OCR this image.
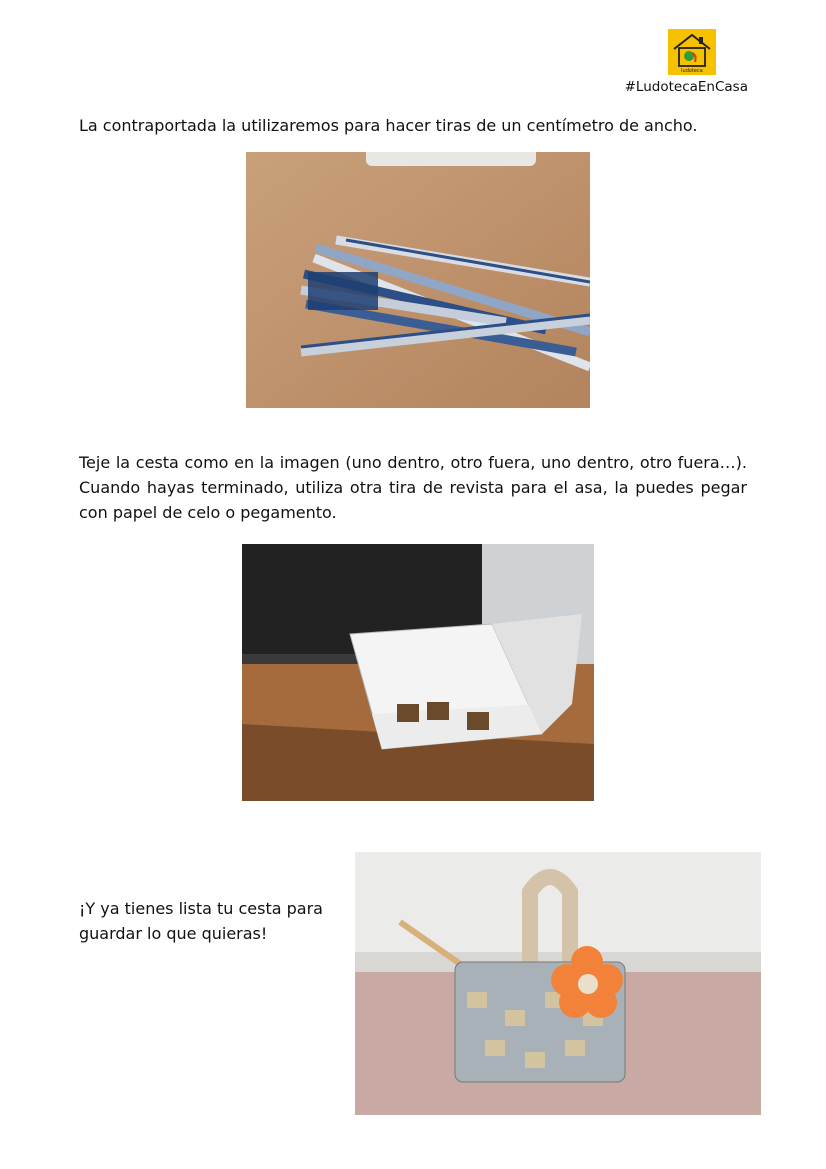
ludoteca
#LudotecaEnCasa
La contraportada la utilizaremos para hacer tiras de un centímetro de ancho.
Teje la cesta como en la imagen (uno dentro, otro fuera, uno dentro, otro fuera…). Cuando hayas terminado, utiliza otra tira de revista para el asa, la puedes pegar con papel de celo o pegamento.
¡Y ya tienes lista tu cesta para guardar lo que quieras!
